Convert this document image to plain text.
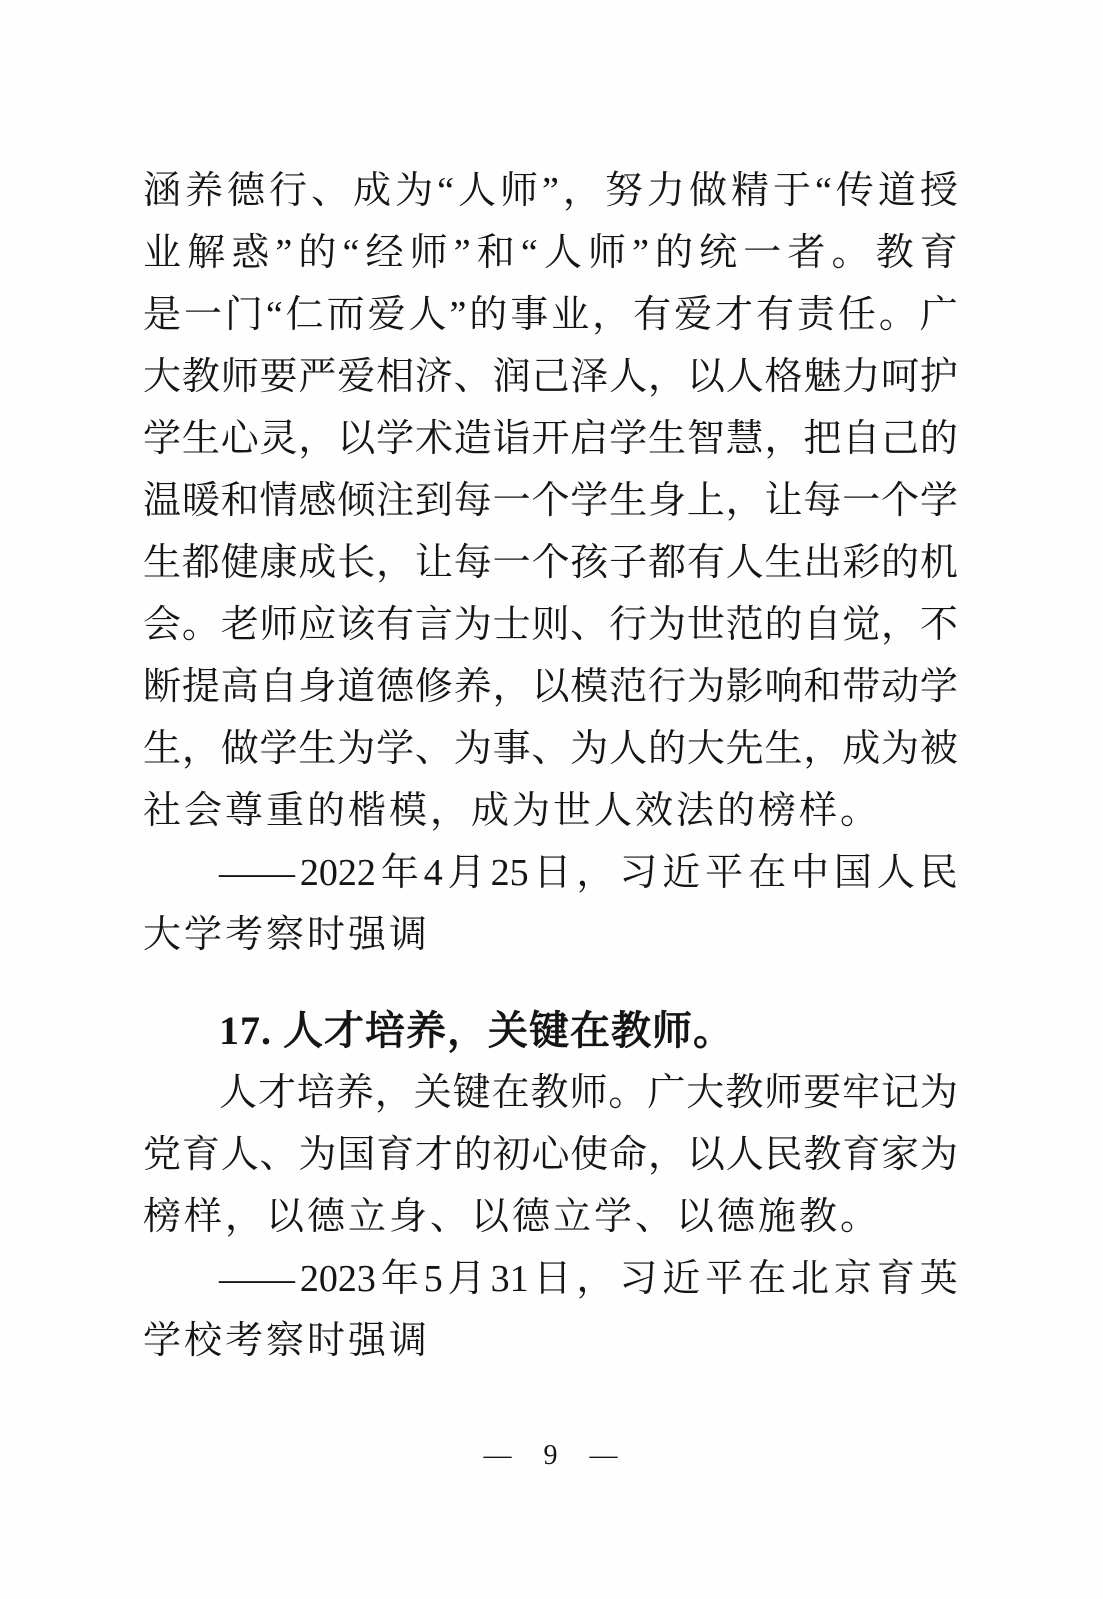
涵 养 德 行 、 成 为 “ 人 师 ” ， 努 力 做 精 于 “ 传 道 授
业 解 惑 ” 的 “ 经 师 ” 和 “ 人 师 ” 的 统 一 者 。 教 育
是 一 门 “ 仁 而 爱 人 ” 的 事 业 ， 有 爱 才 有 责 任 。 广
大 教 师 要 严 爱 相 济 、 润 己 泽 人 ， 以 人 格 魅 力 呵 护
学 生 心 灵 ， 以 学 术 造 诣 开 启 学 生 智 慧 ， 把 自 己 的
温 暖 和 情 感 倾 注 到 每 一 个 学 生 身 上 ， 让 每 一 个 学
生 都 健 康 成 长 ， 让 每 一 个 孩 子 都 有 人 生 出 彩 的 机
会 。 老 师 应 该 有 言 为 士 则 、 行 为 世 范 的 自 觉 ， 不
断 提 高 自 身 道 德 修 养 ， 以 模 范 行 为 影 响 和 带 动 学
生 ， 做 学 生 为 学 、 为 事 、 为 人 的 大 先 生 ， 成 为 被
社会尊重的楷模，成为世人效法的榜样。
—— 2022 年 4 月 25 日 ， 习 近 平 在 中 国 人 民
大学考察时强调
17. 人才培养，关键在教师。
人 才 培 养 ， 关 键 在 教 师 。 广 大 教 师 要 牢 记 为
党 育 人 、 为 国 育 才 的 初 心 使 命 ， 以 人 民 教 育 家 为
榜样，以德立身、以德立学、以德施教。
—— 2023 年 5 月 31 日 ， 习 近 平 在 北 京 育 英
学校考察时强调
—　9　—
